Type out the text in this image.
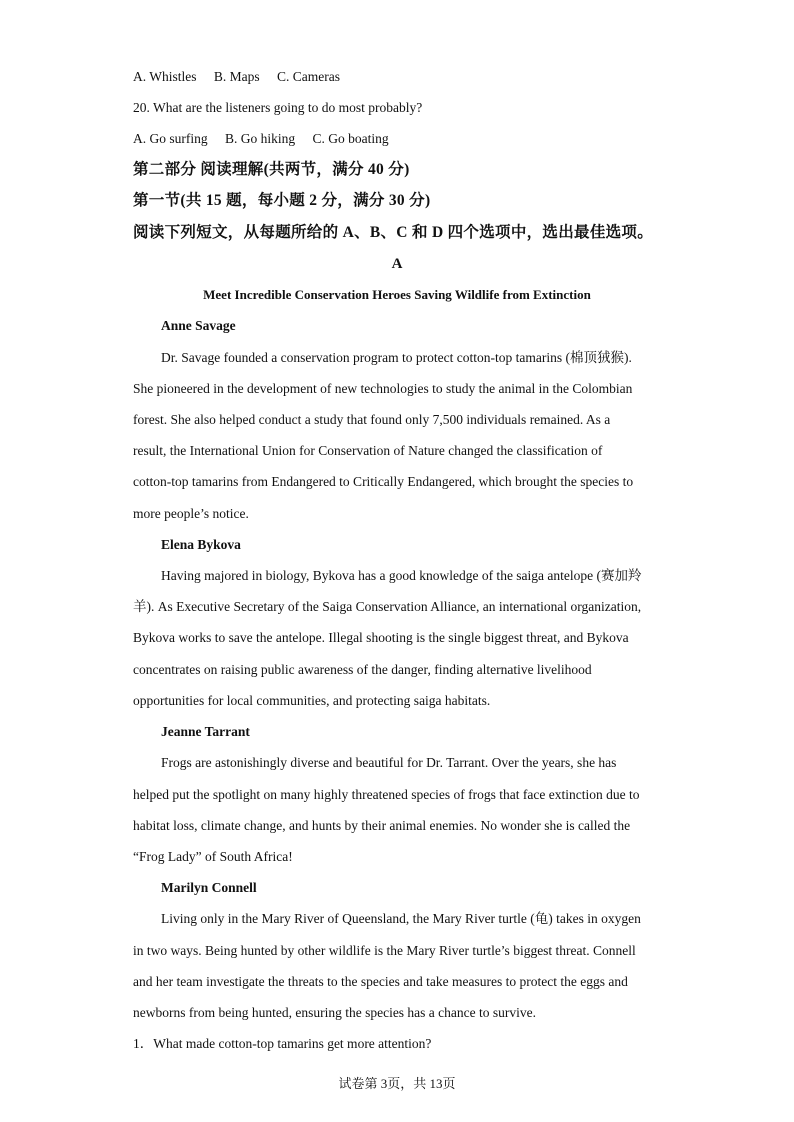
A. Whistles B. Maps C. Cameras
20. What are the listeners going to do most probably?
A. Go surfing B. Go hiking C. Go boating
第二部分 阅读理解(共两节，满分 40 分)
第一节(共 15 题，每小题 2 分，满分 30 分)
阅读下列短文，从每题所给的 A、B、C 和 D 四个选项中，选出最佳选项。
A
Meet Incredible Conservation Heroes Saving Wildlife from Extinction
Anne Savage
Dr. Savage founded a conservation program to protect cotton-top tamarins (棉顶狨猴).
She pioneered in the development of new technologies to study the animal in the Colombian
forest. She also helped conduct a study that found only 7,500 individuals remained. As a
result, the International Union for Conservation of Nature changed the classification of
cotton-top tamarins from Endangered to Critically Endangered, which brought the species to
more people’s notice.
Elena Bykova
Having majored in biology, Bykova has a good knowledge of the saiga antelope (赛加羚
羊). As Executive Secretary of the Saiga Conservation Alliance, an international organization,
Bykova works to save the antelope. Illegal shooting is the single biggest threat, and Bykova
concentrates on raising public awareness of the danger, finding alternative livelihood
opportunities for local communities, and protecting saiga habitats.
Jeanne Tarrant
Frogs are astonishingly diverse and beautiful for Dr. Tarrant. Over the years, she has
helped put the spotlight on many highly threatened species of frogs that face extinction due to
habitat loss, climate change, and hunts by their animal enemies. No wonder she is called the
“Frog Lady” of South Africa!
Marilyn Connell
Living only in the Mary River of Queensland, the Mary River turtle (龟) takes in oxygen
in two ways. Being hunted by other wildlife is the Mary River turtle’s biggest threat. Connell
and her team investigate the threats to the species and take measures to protect the eggs and
newborns from being hunted, ensuring the species has a chance to survive.
1．What made cotton-top tamarins get more attention?
试卷第 3页，共 13页
